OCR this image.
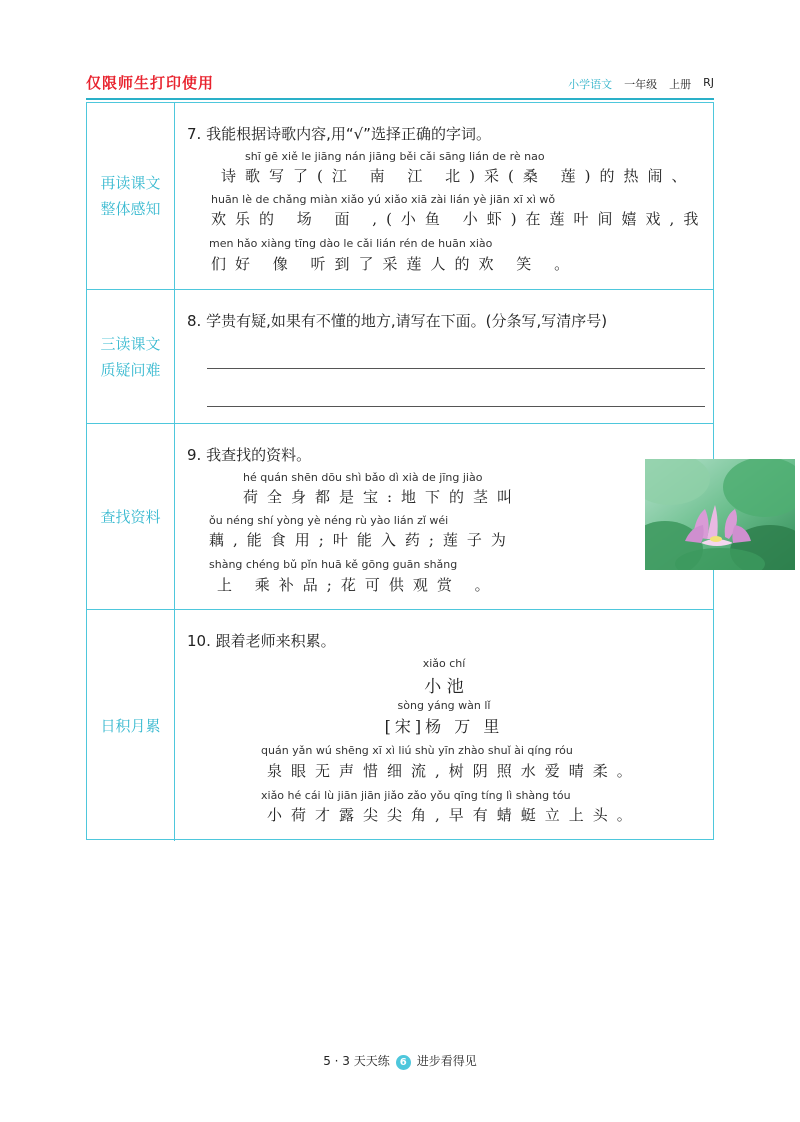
仅限师生打印使用	小学语文 一年级 上册 RJ
再读课文
整体感知
7. 我能根据诗歌内容,用“√”选择正确的字词。
shī gē xiě le jiāng nán jiāng běi cǎi sāng lián de rè nao
诗歌写了(江 南 江 北)采(桑 莲)的热闹、
huān lè de chǎng miàn xiǎo yú xiǎo xiā zài lián yè jiān xī xì wǒ
欢乐的 场 面 ,(小鱼 小虾)在莲叶间嬉戏,我
men hǎo xiàng tīng dào le cǎi lián rén de huān xiào
们好 像 听到了采莲人的欢 笑 。
三读课文
质疑问难
8. 学贵有疑,如果有不懂的地方,请写在下面。(分条写,写清序号)
查找资料
9. 我查找的资料。
hé quán shēn dōu shì bǎo dì xià de jīng jiào
荷全身都是宝:地下的茎叫
ǒu néng shí yòng yè néng rù yào lián zǐ wéi
藕,能食用;叶能入药;莲子为
shàng chéng bǔ pǐn huā kě gōng guān shǎng
上 乘补品;花可供观赏 。
日积月累
10. 跟着老师来积累。
xiǎo chí
小 池
sòng yáng wàn lǐ
[宋]杨 万 里
quán yǎn wú shēng xī xì liú shù yīn zhào shuǐ ài qíng róu
泉眼无声惜细流,树阴照水爱晴柔。
xiǎo hé cái lù jiān jiān jiǎo zǎo yǒu qīng tíng lì shàng tóu
小荷才露尖尖角,早有蜻蜓立上头。
5 · 3 天天练 6 进步看得见
